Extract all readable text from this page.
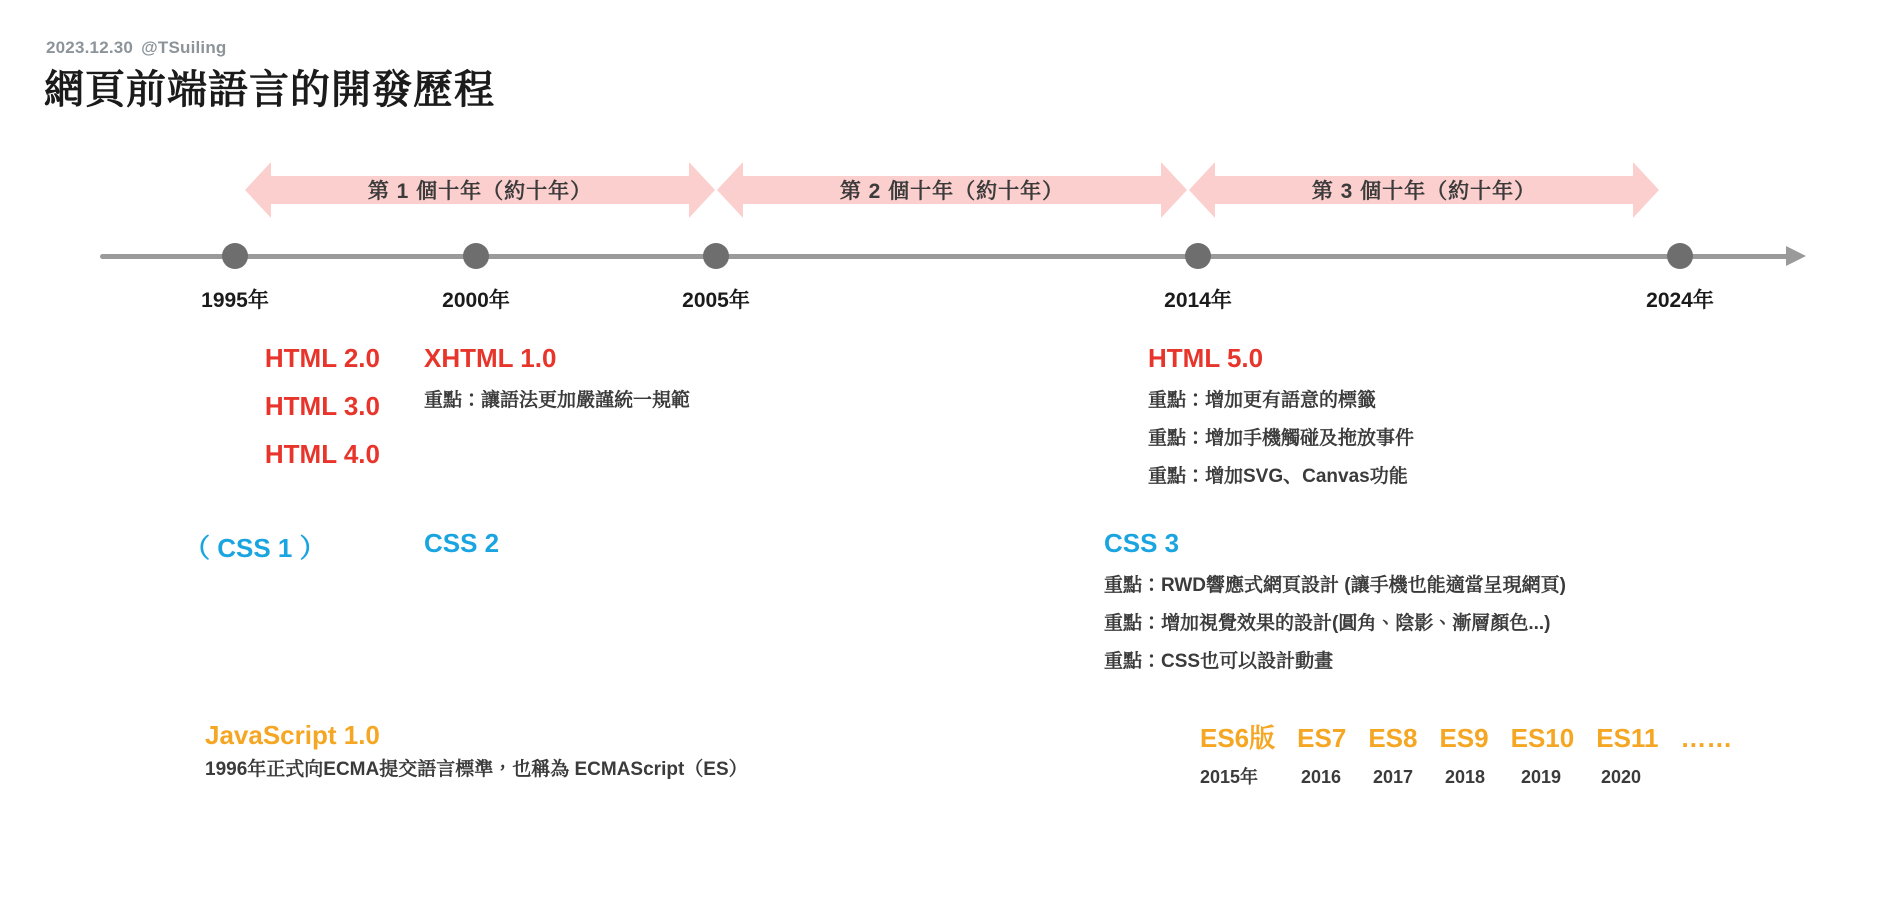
2023.12.30 @TSuiling
網頁前端語言的開發歷程
第 1 個十年（約十年）	第 2 個十年（約十年）	第 3 個十年（約十年）
1995年	2000年	2005年	2014年	2024年
HTML 2.0
HTML 3.0
HTML 4.0
XHTML 1.0
重點：讓語法更加嚴謹統一規範
HTML 5.0
重點：增加更有語意的標籤
重點：增加手機觸碰及拖放事件
重點：增加SVG、Canvas功能
（ CSS 1 ）	CSS 2	CSS 3
重點：RWD響應式網頁設計 (讓手機也能適當呈現網頁)
重點：增加視覺效果的設計(圓角、陰影、漸層顏色...)
重點：CSS也可以設計動畫
JavaScript 1.0
1996年正式向ECMA提交語言標準，也稱為 ECMAScript（ES）
ES6版 ES7 ES8 ES9 ES10 ES11 ……
2015年	2016 2017 2018	2019	2020
